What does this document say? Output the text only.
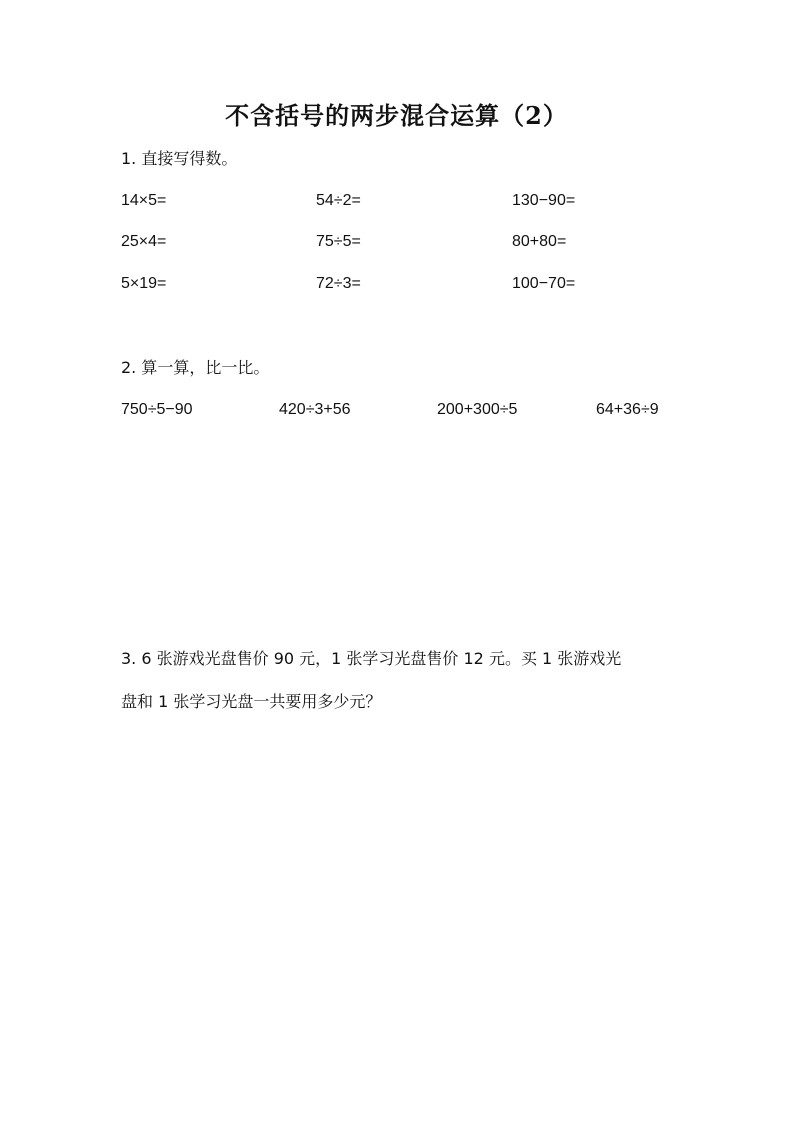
不含括号的两步混合运算（2）
1. 直接写得数。
14×5=	54÷2=	130−90=
25×4=	75÷5=	80+80=
5×19=	72÷3=	100−70=
2. 算一算，比一比。
750÷5−90	420÷3+56	200+300÷5	64+36÷9
3. 6 张游戏光盘售价 90 元，1 张学习光盘售价 12 元。买 1 张游戏光
盘和 1 张学习光盘一共要用多少元？
